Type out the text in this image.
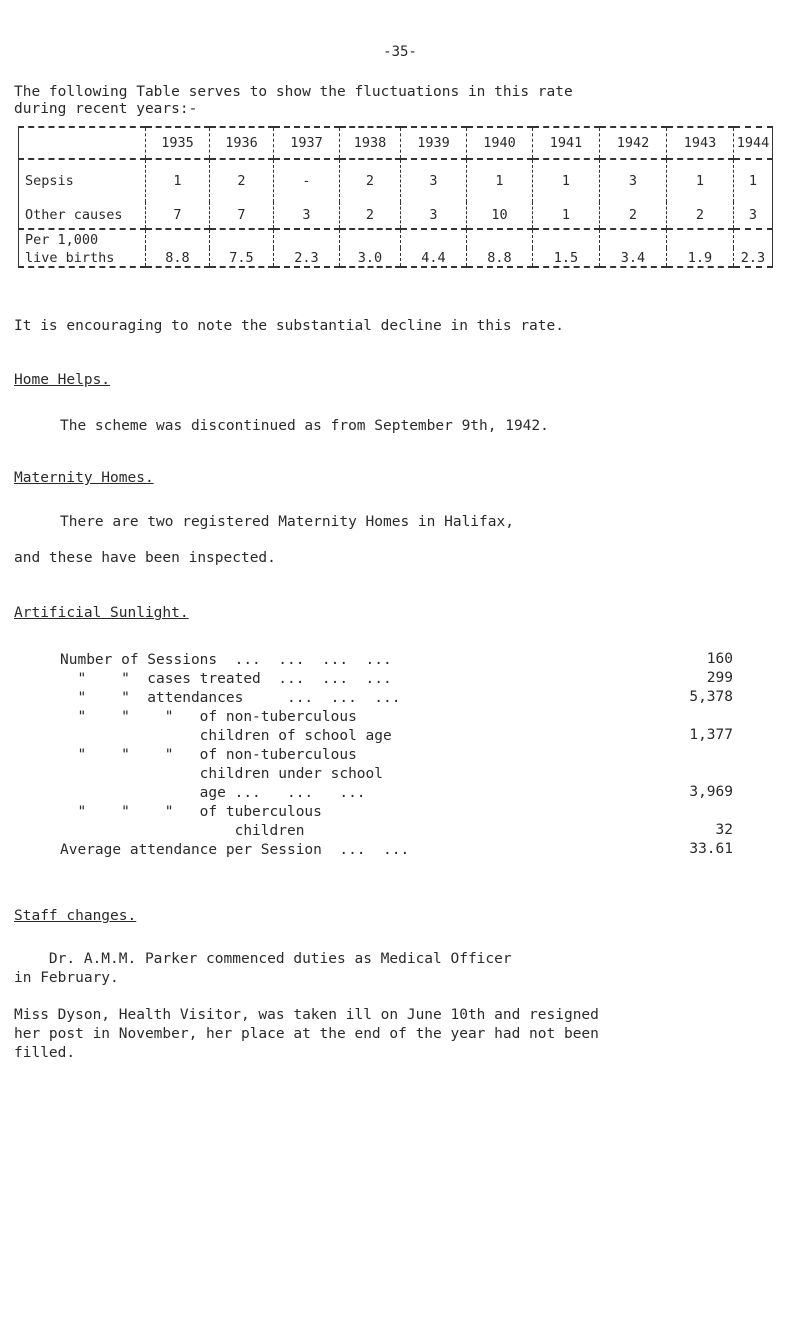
-35-
The following Table serves to show the fluctuations in this rate
during recent years:-
	1935	1936	1937	1938	1939	1940	1941	1942	1943	1944
Sepsis	1	2	-	2	3	1	1	3	1	1
Other causes	7	7	3	2	3	10	1	2	2	3
Per 1,000										
live births	8.8	7.5	2.3	3.0	4.4	8.8	1.5	3.4	1.9	2.3
It is encouraging to note the substantial decline in this rate.
Home Helps.
The scheme was discontinued as from September 9th, 1942.
Maternity Homes.
There are two registered Maternity Homes in Halifax,
and these have been inspected.
Artificial Sunlight.
Number of Sessions  ...  ...  ...  ...	160
"    "  cases treated  ...  ...  ...	299
"    "  attendances     ...  ...  ...	5,378
"    "    "   of non-tuberculous
children of school age	1,377
"    "    "   of non-tuberculous
children under school
age ...   ...   ...	3,969
"    "    "   of tuberculous
children	32
Average attendance per Session  ...  ...	33.61
Staff changes.
Dr. A.M.M. Parker commenced duties as Medical Officer
in February.
Miss Dyson, Health Visitor, was taken ill on June 10th and resigned
her post in November, her place at the end of the year had not been
filled.
